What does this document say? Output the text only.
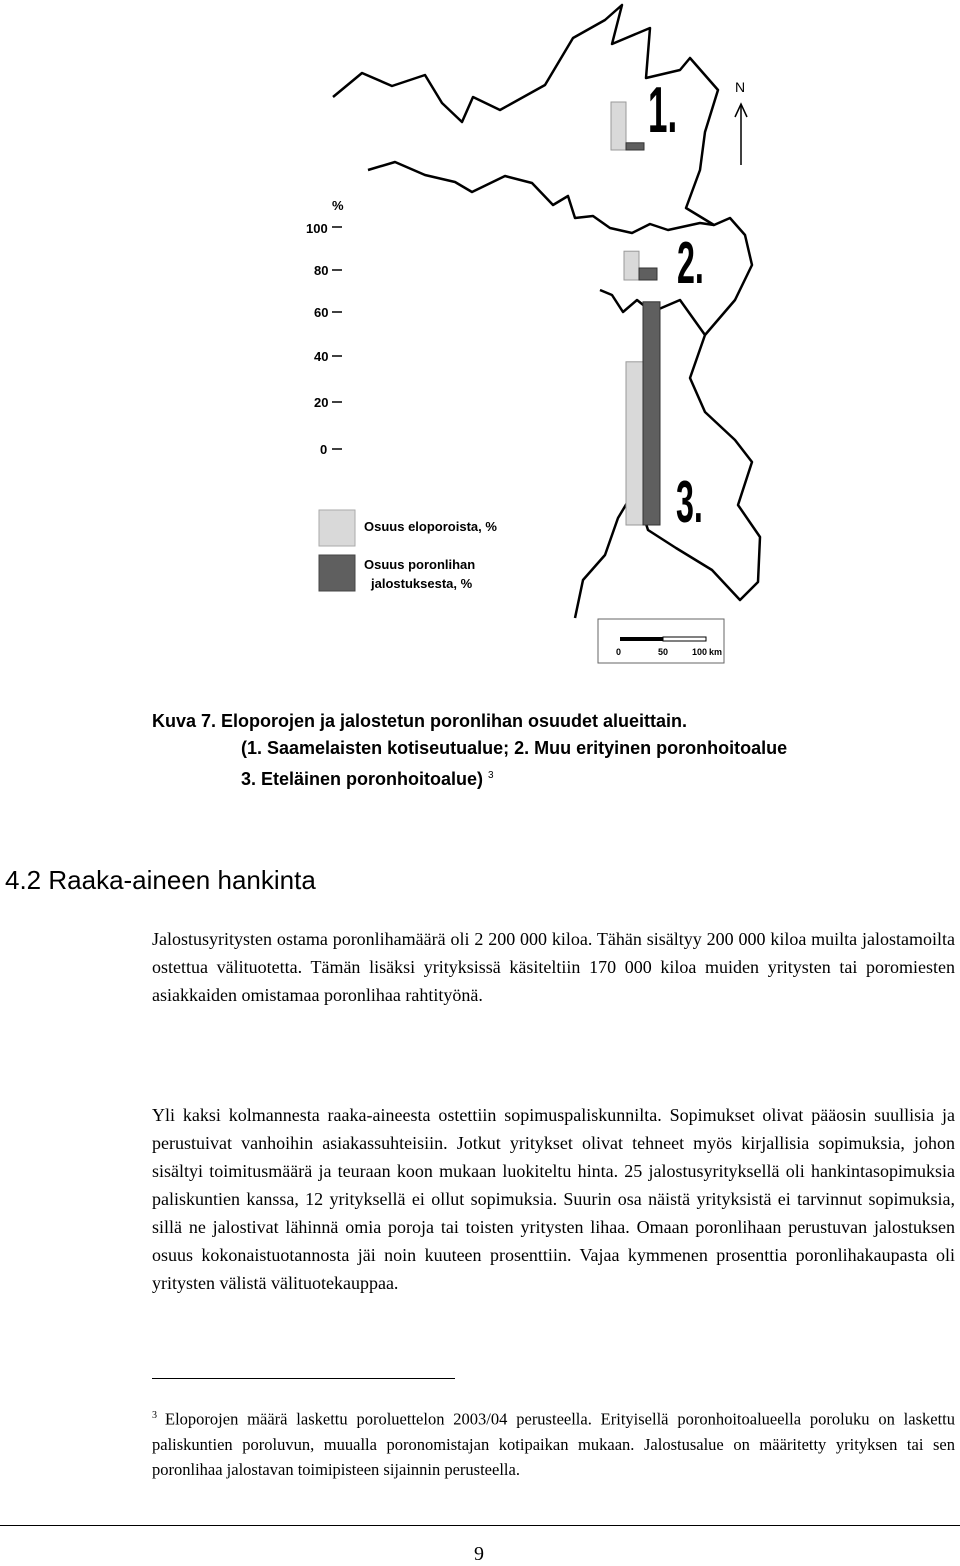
%
100
80
60
40
20
0
1.
2.
3.
N
0	50	100 km
Osuus eloporoista, %
Osuus poronlihan
jalostuksesta, %
Kuva 7. Eloporojen ja jalostetun poronlihan osuudet alueittain.
(1. Saamelaisten kotiseutualue; 2. Muu erityinen poronhoitoalue
3. Eteläinen poronhoitoalue) $^3$
4.2 Raaka-aineen hankinta

Jalostusyritysten ostama poronlihamäärä oli 2 200 000 kiloa. Tähän sisältyy 200 000 kiloa muilta jalostamoilta ostettua välituotetta. Tämän lisäksi yrityksissä käsiteltiin 170 000 kiloa muiden yritysten tai poromiesten asiakkaiden omistamaa poronlihaa rahtityönä.

Yli kaksi kolmannesta raaka-aineesta ostettiin sopimuspaliskunnilta. Sopimukset olivat pääosin suullisia ja perustuivat vanhoihin asiakassuhteisiin. Jotkut yritykset olivat tehneet myös kirjallisia sopimuksia, johon sisältyi toimitusmäärä ja teuraan koon mukaan luokiteltu hinta. 25 jalostusyrityksellä oli hankintasopimuksia paliskuntien kanssa, 12 yrityksellä ei ollut sopimuksia. Suurin osa näistä yrityksistä ei tarvinnut sopimuksia, sillä ne jalostivat lähinnä omia poroja tai toisten yritysten lihaa. Omaan poronlihaan perustuvan jalostuksen osuus kokonaistuotannosta jäi noin kuuteen prosenttiin. Vajaa kymmenen prosenttia poronlihakaupasta oli yritysten välistä välituotekauppaa.

$^3$ Eloporojen määrä laskettu poroluettelon 2003/04 perusteella. Erityisellä poronhoitoalueella poroluku on laskettu paliskuntien poroluvun, muualla poronomistajan kotipaikan mukaan. Jalostusalue on määritetty yrityksen tai sen poronlihaa jalostavan toimipisteen sijainnin perusteella.
9
